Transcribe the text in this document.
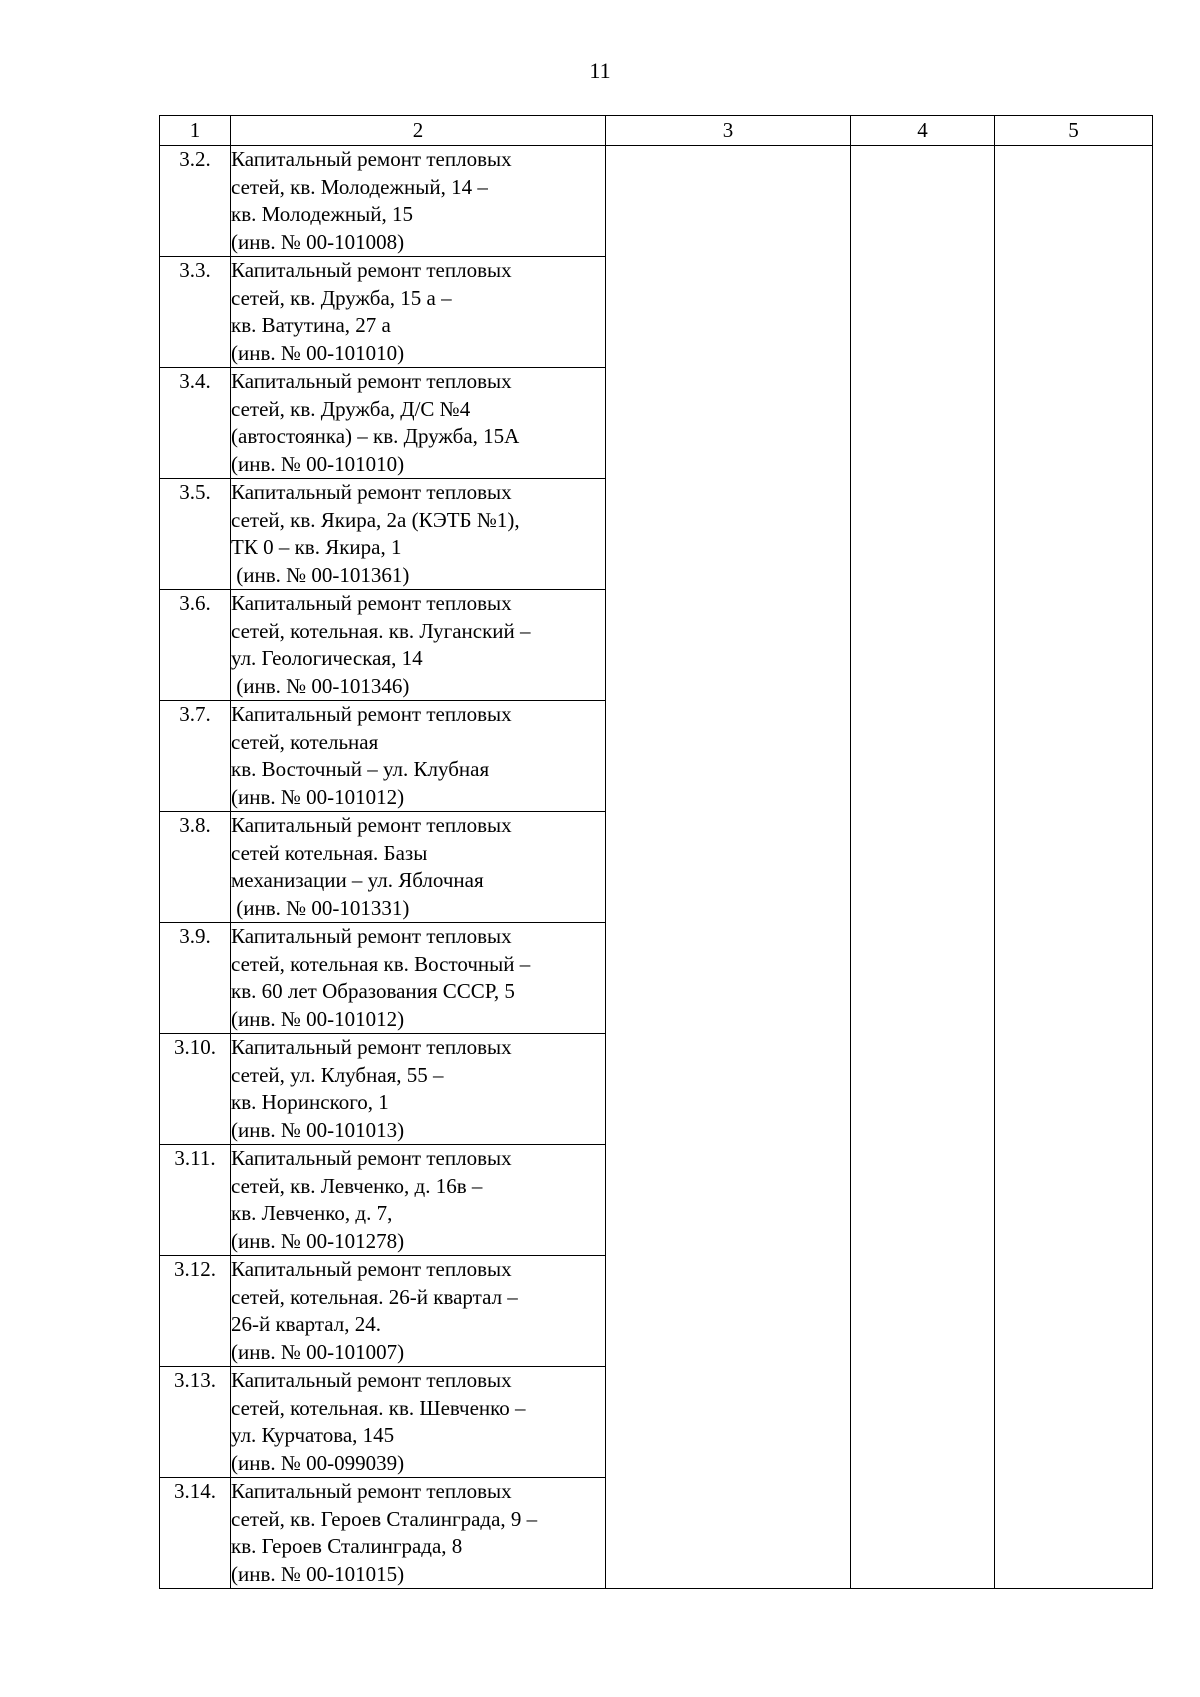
11
1	2	3	4	5
3.2.	Капитальный ремонт тепловых
сетей, кв. Молодежный, 14 –
кв. Молодежный, 15
(инв. № 00-101008)			

3.3.	Капитальный ремонт тепловых
сетей, кв. Дружба, 15 а –
кв. Ватутина, 27 а
(инв. № 00-101010)			

3.4.	Капитальный ремонт тепловых
сетей, кв. Дружба, Д/С №4
(автостоянка) – кв. Дружба, 15А
(инв. № 00-101010)			

3.5.	Капитальный ремонт тепловых
сетей, кв. Якира, 2а (КЭТБ №1),
ТК 0 – кв. Якира, 1
(инв. № 00-101361)			

3.6.	Капитальный ремонт тепловых
сетей, котельная. кв. Луганский –
ул. Геологическая, 14
(инв. № 00-101346)			

3.7.	Капитальный ремонт тепловых
сетей, котельная
кв. Восточный – ул. Клубная
(инв. № 00-101012)			

3.8.	Капитальный ремонт тепловых
сетей котельная. Базы
механизации – ул. Яблочная
(инв. № 00-101331)			

3.9.	Капитальный ремонт тепловых
сетей, котельная кв. Восточный –
кв. 60 лет Образования СССР, 5
(инв. № 00-101012)			

3.10.	Капитальный ремонт тепловых
сетей, ул. Клубная, 55 –
кв. Норинского, 1
(инв. № 00-101013)			

3.11.	Капитальный ремонт тепловых
сетей, кв. Левченко, д. 16в –
кв. Левченко, д. 7,
(инв. № 00-101278)			

3.12.	Капитальный ремонт тепловых
сетей, котельная. 26-й квартал –
26-й квартал, 24.
(инв. № 00-101007)			

3.13.	Капитальный ремонт тепловых
сетей, котельная. кв. Шевченко –
ул. Курчатова, 145
(инв. № 00-099039)			

3.14.	Капитальный ремонт тепловых
сетей, кв. Героев Сталинграда, 9 –
кв. Героев Сталинграда, 8
(инв. № 00-101015)			
